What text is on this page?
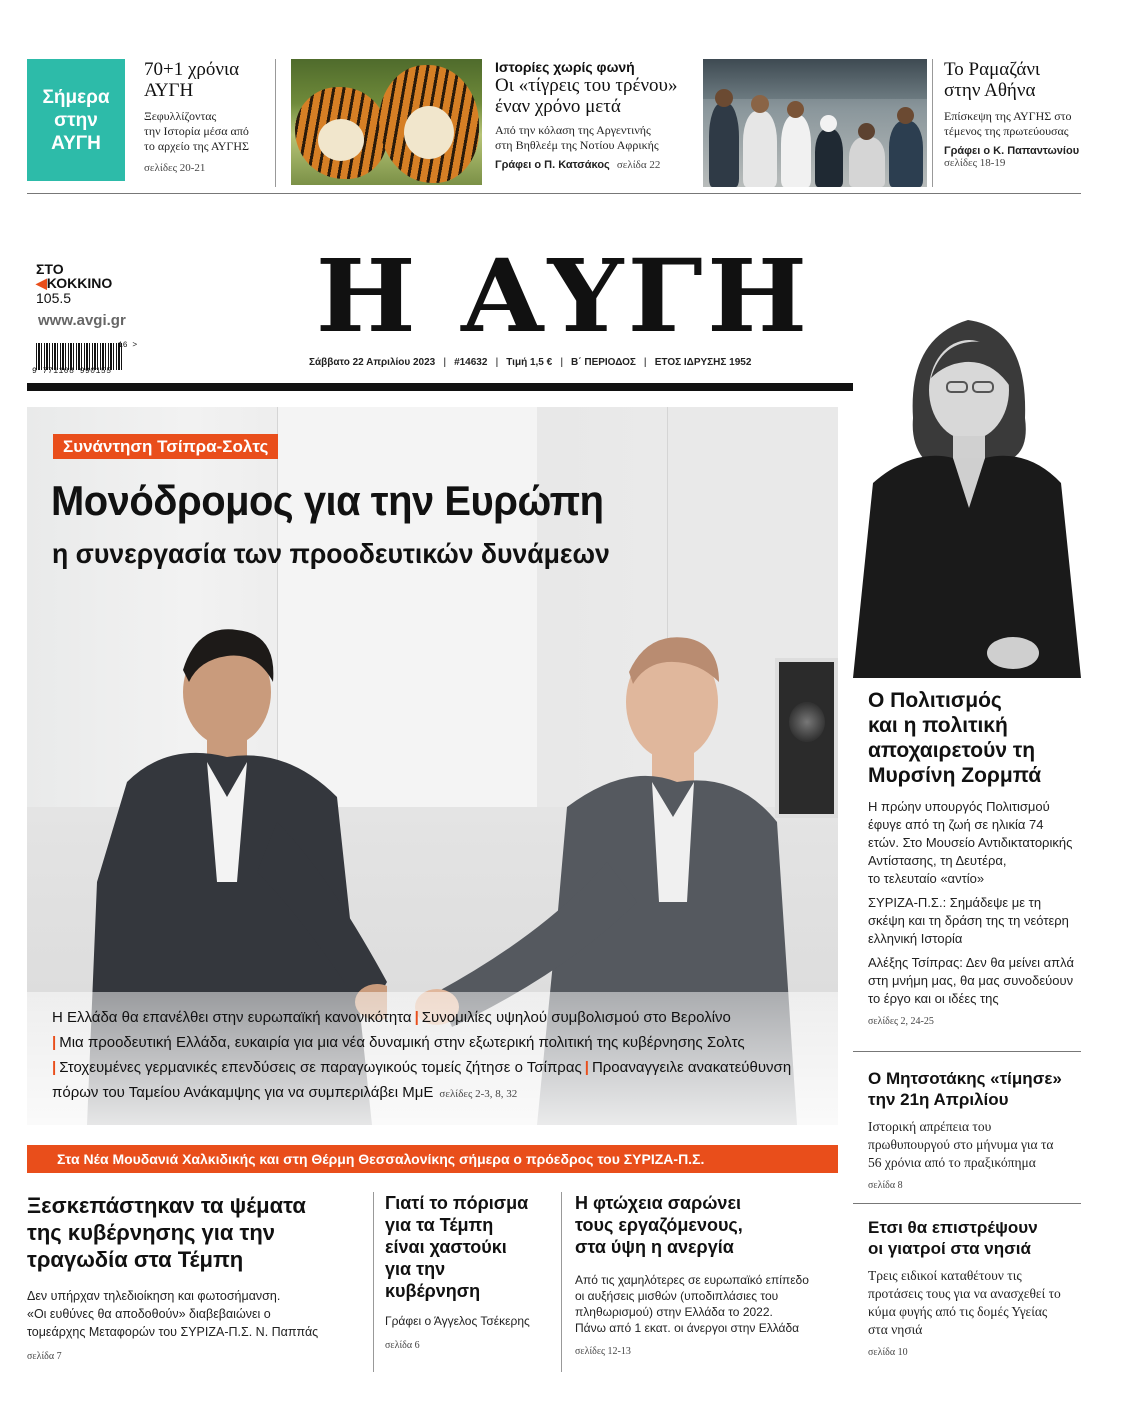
Σήμερα
στην
ΑΥΓΗ
70+1 χρόνια
ΑΥΓΗ
Ξεφυλλίζοντας
την Ιστορία μέσα από
το αρχείο της ΑΥΓΗΣ
σελίδες 20-21
Ιστορίες χωρίς φωνή
Οι «τίγρεις του τρένου»
έναν χρόνο μετά
Από την κόλαση της Αργεντινής
στη Βηθλεέμ της Νοτίου Αφρικής
Γράφει ο Π. Κατσάκος σελίδα 22
Το Ραμαζάνι
στην Αθήνα
Επίσκεψη της ΑΥΓΗΣ στο
τέμενος της πρωτεύουσας
Γράφει ο Κ. Παπαντωνίου
σελίδες 18-19
ΣΤΟ
◀ΚΟΚΚΙΝΟ
105.5
www.avgi.gr
16 >
9 771108 990155
Η ΑΥΓΗ
Σάββατο 22 Απριλίου 2023 | #14632 | Τιμή 1,5 € | Β΄ ΠΕΡΙΟΔΟΣ | ΕΤΟΣ ΙΔΡΥΣΗΣ 1952
Συνάντηση Τσίπρα-Σολτς
Μονόδρομος για την Ευρώπη
η συνεργασία των προοδευτικών δυνάμεων
Η Ελλάδα θα επανέλθει στην ευρωπαϊκή κανονικότητα | Συνομιλίες υψηλού συμβολισμού στο Βερολίνο
| Μια προοδευτική Ελλάδα, ευκαιρία για μια νέα δυναμική στην εξωτερική πολιτική της κυβέρνησης Σολτς
| Στοχευμένες γερμανικές επενδύσεις σε παραγωγικούς τομείς ζήτησε ο Τσίπρας | Προαναγγειλε ανακατεύθυνση πόρων του Ταμείου Ανάκαμψης για να συμπεριλάβει ΜμΕ σελίδες 2-3, 8, 32
Στα Νέα Μουδανιά Χαλκιδικής και στη Θέρμη Θεσσαλονίκης σήμερα ο πρόεδρος του ΣΥΡΙΖΑ-Π.Σ.
Ξεσκεπάστηκαν τα ψέματα
της κυβέρνησης για την
τραγωδία στα Τέμπη
Δεν υπήρχαν τηλεδιοίκηση και φωτοσήμανση.
«Οι ευθύνες θα αποδοθούν» διαβεβαιώνει ο
τομεάρχης Μεταφορών του ΣΥΡΙΖΑ-Π.Σ. Ν. Παππάς
σελίδα 7
Γιατί το πόρισμα
για τα Τέμπη
είναι χαστούκι
για την
κυβέρνηση
Γράφει ο Άγγελος Τσέκερης
σελίδα 6
Η φτώχεια σαρώνει
τους εργαζόμενους,
στα ύψη η ανεργία
Από τις χαμηλότερες σε ευρωπαϊκό επίπεδο
οι αυξήσεις μισθών (υποδιπλάσιες του
πληθωρισμού) στην Ελλάδα το 2022.
Πάνω από 1 εκατ. οι άνεργοι στην Ελλάδα
σελίδες 12-13
Ο Πολιτισμός
και η πολιτική
αποχαιρετούν τη
Μυρσίνη Ζορμπά
Η πρώην υπουργός Πολιτισμού
έφυγε από τη ζωή σε ηλικία 74
ετών. Στο Μουσείο Αντιδικτατορικής
Αντίστασης, τη Δευτέρα,
το τελευταίο «αντίο»
ΣΥΡΙΖΑ-Π.Σ.: Σημάδεψε με τη
σκέψη και τη δράση της τη νεότερη
ελληνική Ιστορία
Αλέξης Τσίπρας: Δεν θα μείνει απλά
στη μνήμη μας, θα μας συνοδεύουν
το έργο και οι ιδέες της
σελίδες 2, 24-25
Ο Μητσοτάκης «τίμησε»
την 21η Απριλίου
Ιστορική απρέπεια του
πρωθυπουργού στο μήνυμα για τα
56 χρόνια από το πραξικόπημα
σελίδα 8
Ετσι θα επιστρέψουν
οι γιατροί στα νησιά
Τρεις ειδικοί καταθέτουν τις
προτάσεις τους για να ανασχεθεί το
κύμα φυγής από τις δομές Υγείας
στα νησιά
σελίδα 10
